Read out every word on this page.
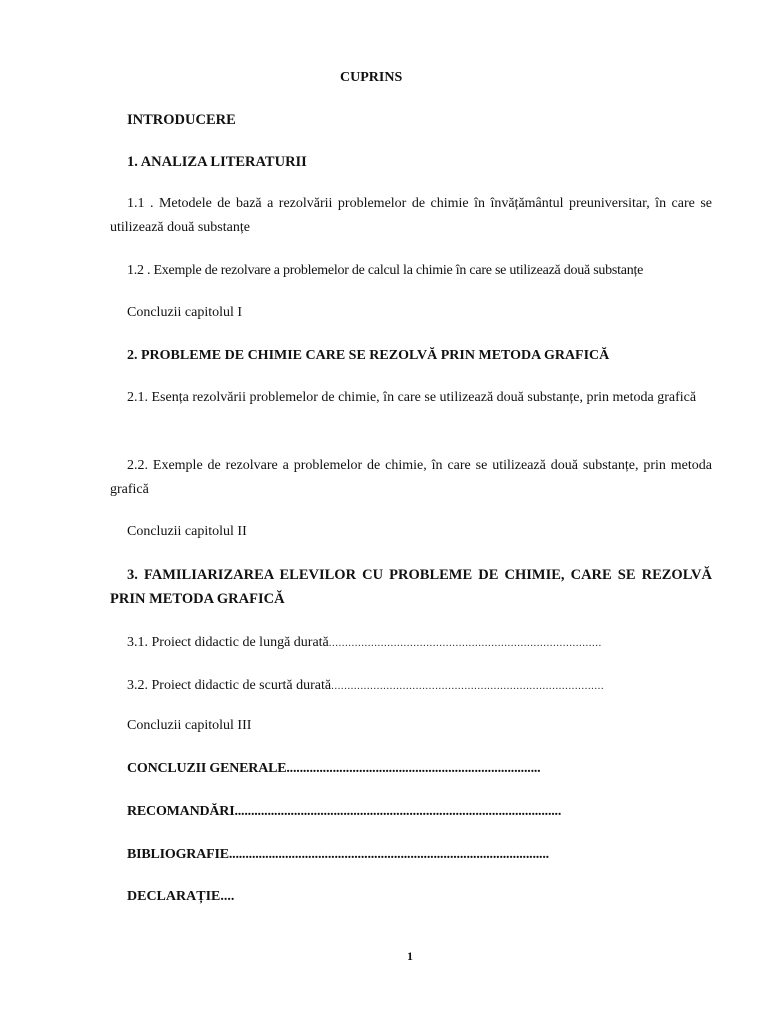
CUPRINS
INTRODUCERE
1. ANALIZA LITERATURII
1.1 . Metodele de bază a rezolvării problemelor de chimie în învățământul preuniversitar, în care se utilizează două substanțe
1.2 . Exemple de rezolvare a problemelor de calcul la chimie în care se utilizează două substanțe
Concluzii capitolul I
2. PROBLEME DE CHIMIE CARE SE REZOLVĂ PRIN METODA GRAFICĂ
2.1. Esența rezolvării problemelor de chimie, în care se utilizează două substanțe, prin metoda grafică
2.2. Exemple de rezolvare a problemelor de chimie, în care se utilizează două substanțe, prin metoda grafică
Concluzii capitolul II
3. FAMILIARIZAREA ELEVILOR CU PROBLEME DE CHIMIE, CARE SE REZOLVĂ PRIN METODA GRAFICĂ
3.1. Proiect didactic de lungă durată....................................................................................
3.2. Proiect didactic de scurtă durată....................................................................................
Concluzii capitolul III
CONCLUZII GENERALE.............................................................................
RECOMANDĂRI...................................................................................................
BIBLIOGRAFIE.................................................................................................
DECLARAȚIE....
1
